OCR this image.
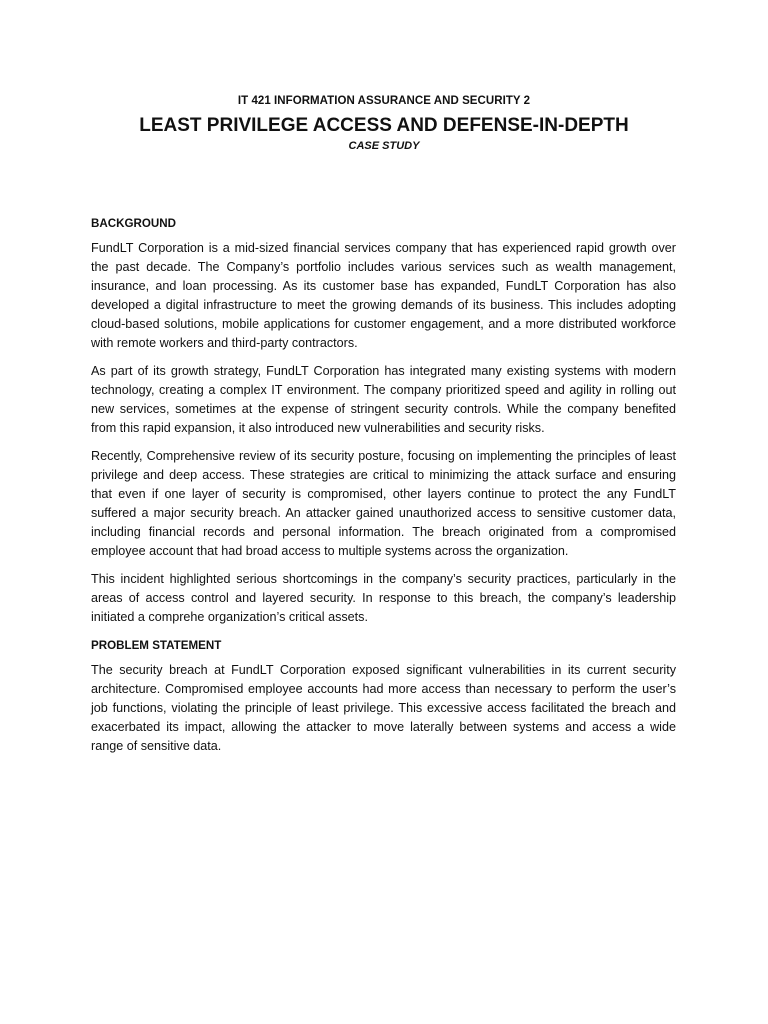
IT 421 INFORMATION ASSURANCE AND SECURITY 2
LEAST PRIVILEGE ACCESS AND DEFENSE-IN-DEPTH
CASE STUDY
BACKGROUND

FundLT Corporation is a mid-sized financial services company that has experienced rapid growth over the past decade. The Company’s portfolio includes various services such as wealth management, insurance, and loan processing. As its customer base has expanded, FundLT Corporation has also developed a digital infrastructure to meet the growing demands of its business. This includes adopting cloud-based solutions, mobile applications for customer engagement, and a more distributed workforce with remote workers and third-party contractors.

As part of its growth strategy, FundLT Corporation has integrated many existing systems with modern technology, creating a complex IT environment. The company prioritized speed and agility in rolling out new services, sometimes at the expense of stringent security controls. While the company benefited from this rapid expansion, it also introduced new vulnerabilities and security risks.

Recently, Comprehensive review of its security posture, focusing on implementing the principles of least privilege and deep access. These strategies are critical to minimizing the attack surface and ensuring that even if one layer of security is compromised, other layers continue to protect the any FundLT suffered a major security breach. An attacker gained unauthorized access to sensitive customer data, including financial records and personal information. The breach originated from a compromised employee account that had broad access to multiple systems across the organization.

This incident highlighted serious shortcomings in the company’s security practices, particularly in the areas of access control and layered security. In response to this breach, the company’s leadership initiated a comprehe organization’s critical assets.

PROBLEM STATEMENT

The security breach at FundLT Corporation exposed significant vulnerabilities in its current security architecture. Compromised employee accounts had more access than necessary to perform the user’s job functions, violating the principle of least privilege. This excessive access facilitated the breach and exacerbated its impact, allowing the attacker to move laterally between systems and access a wide range of sensitive data.
